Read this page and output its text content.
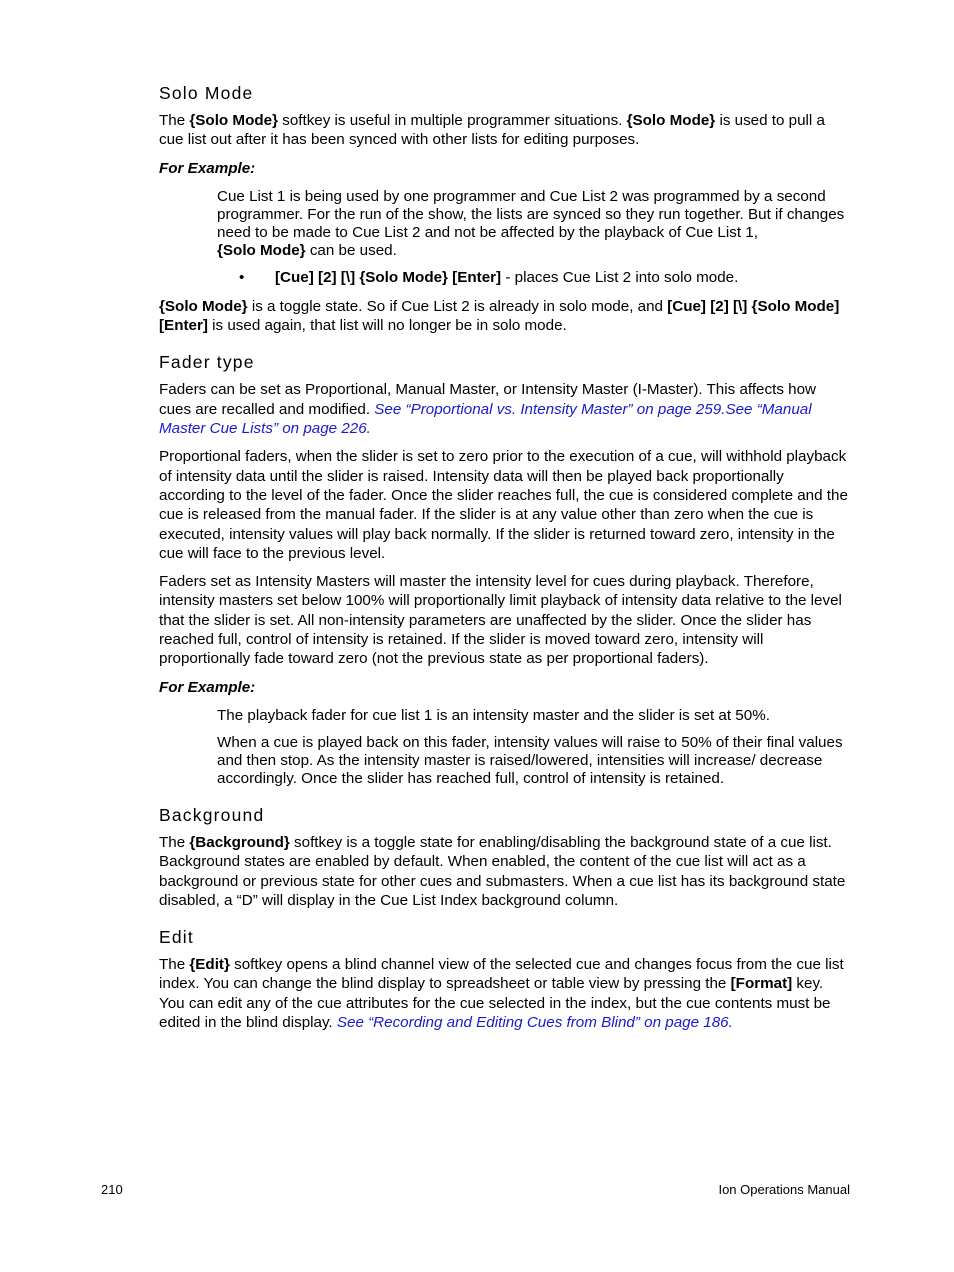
Solo Mode

The {Solo Mode} softkey is useful in multiple programmer situations. {Solo Mode} is used to pull a cue list out after it has been synced with other lists for editing purposes.

For Example:

Cue List 1 is being used by one programmer and Cue List 2 was programmed by a second programmer. For the run of the show, the lists are synced so they run together. But if changes need to be made to Cue List 2 and not be affected by the playback of Cue List 1,
{Solo Mode} can be used.

• [Cue] [2] [\] {Solo Mode} [Enter] - places Cue List 2 into solo mode.

{Solo Mode} is a toggle state. So if Cue List 2 is already in solo mode, and [Cue] [2] [\] {Solo Mode] [Enter] is used again, that list will no longer be in solo mode.

Fader type

Faders can be set as Proportional, Manual Master, or Intensity Master (I-Master). This affects how cues are recalled and modified. See “Proportional vs. Intensity Master” on page 259.See “Manual Master Cue Lists” on page 226.

Proportional faders, when the slider is set to zero prior to the execution of a cue, will withhold playback of intensity data until the slider is raised. Intensity data will then be played back proportionally according to the level of the fader. Once the slider reaches full, the cue is considered complete and the cue is released from the manual fader. If the slider is at any value other than zero when the cue is executed, intensity values will play back normally. If the slider is returned toward zero, intensity in the cue will face to the previous level.

Faders set as Intensity Masters will master the intensity level for cues during playback. Therefore, intensity masters set below 100% will proportionally limit playback of intensity data relative to the level that the slider is set. All non-intensity parameters are unaffected by the slider. Once the slider has reached full, control of intensity is retained. If the slider is moved toward zero, intensity will proportionally fade toward zero (not the previous state as per proportional faders).

For Example:

The playback fader for cue list 1 is an intensity master and the slider is set at 50%.

When a cue is played back on this fader, intensity values will raise to 50% of their final values and then stop. As the intensity master is raised/lowered, intensities will increase/ decrease accordingly. Once the slider has reached full, control of intensity is retained.

Background

The {Background} softkey is a toggle state for enabling/disabling the background state of a cue list. Background states are enabled by default. When enabled, the content of the cue list will act as a background or previous state for other cues and submasters. When a cue list has its background state disabled, a “D” will display in the Cue List Index background column.

Edit

The {Edit} softkey opens a blind channel view of the selected cue and changes focus from the cue list index. You can change the blind display to spreadsheet or table view by pressing the [Format] key. You can edit any of the cue attributes for the cue selected in the index, but the cue contents must be edited in the blind display. See “Recording and Editing Cues from Blind” on page 186.

210	Ion Operations Manual
